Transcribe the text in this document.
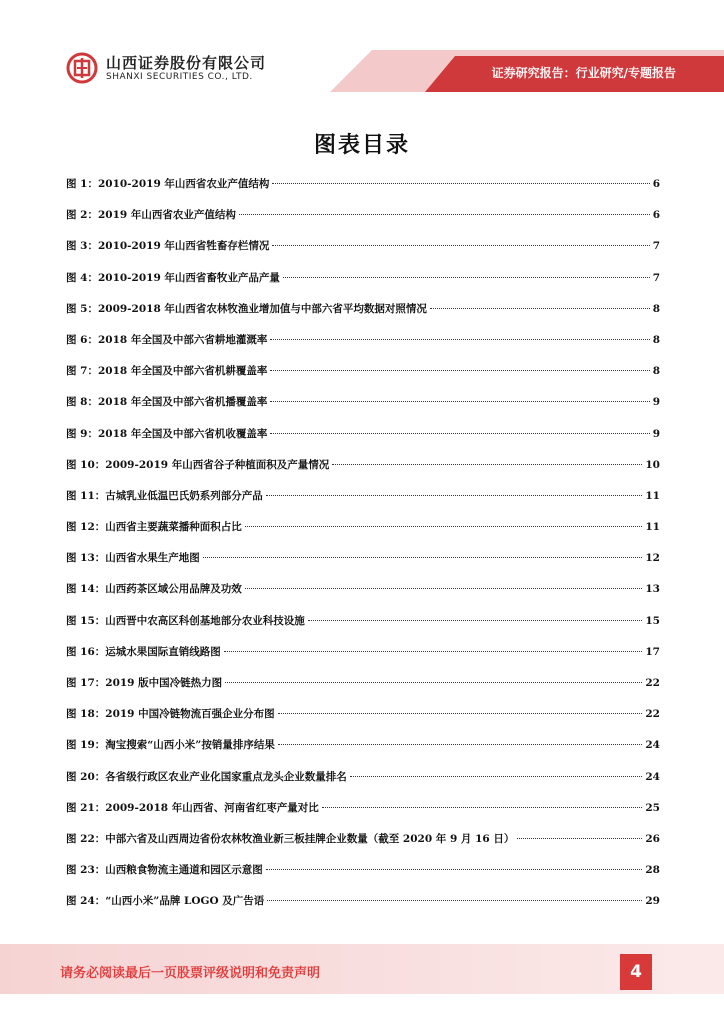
山西证券股份有限公司
SHANXI SECURITIES CO., LTD.	证券研究报告：行业研究/专题报告
图表目录
图 1：2010-2019 年山西省农业产值结构	6
图 2：2019 年山西省农业产值结构	6
图 3：2010-2019 年山西省牲畜存栏情况	7
图 4：2010-2019 年山西省畜牧业产品产量	7
图 5：2009-2018 年山西省农林牧渔业增加值与中部六省平均数据对照情况	8
图 6：2018 年全国及中部六省耕地灌溉率	8
图 7：2018 年全国及中部六省机耕覆盖率	8
图 8：2018 年全国及中部六省机播覆盖率	9
图 9：2018 年全国及中部六省机收覆盖率	9
图 10：2009-2019 年山西省谷子种植面积及产量情况	10
图 11：古城乳业低温巴氏奶系列部分产品	11
图 12：山西省主要蔬菜播种面积占比	11
图 13：山西省水果生产地图	12
图 14：山西药茶区域公用品牌及功效	13
图 15：山西晋中农高区科创基地部分农业科技设施	15
图 16：运城水果国际直销线路图	17
图 17：2019 版中国冷链热力图	22
图 18：2019 中国冷链物流百强企业分布图	22
图 19：淘宝搜索“山西小米”按销量排序结果	24
图 20：各省级行政区农业产业化国家重点龙头企业数量排名	24
图 21：2009-2018 年山西省、河南省红枣产量对比	25
图 22：中部六省及山西周边省份农林牧渔业新三板挂牌企业数量（截至 2020 年 9 月 16 日）	26
图 23：山西粮食物流主通道和园区示意图	28
图 24：“山西小米”品牌 LOGO 及广告语	29
请务必阅读最后一页股票评级说明和免责声明	4
